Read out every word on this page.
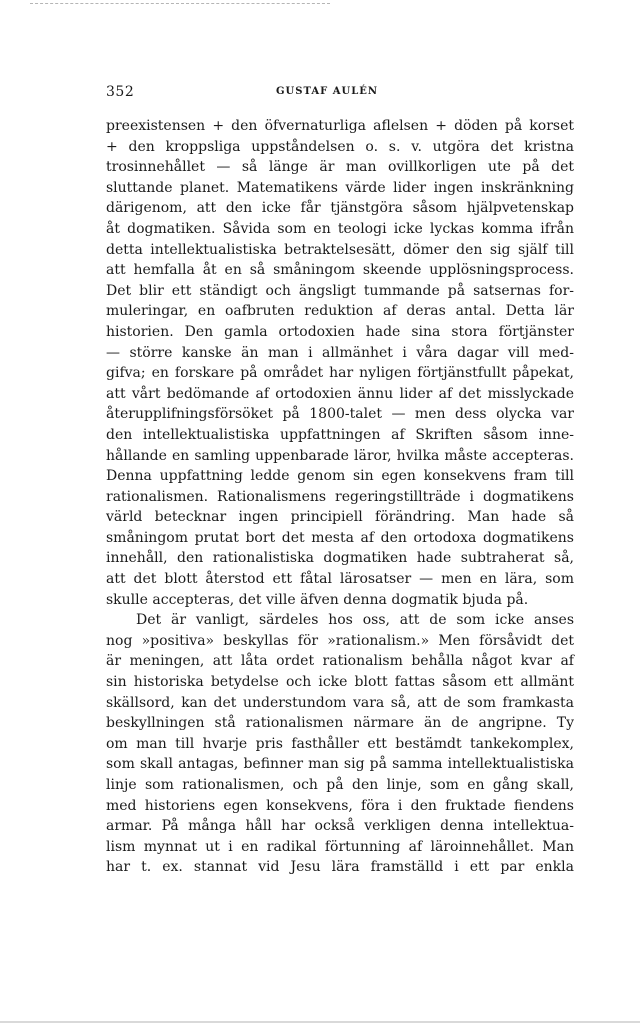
352	GUSTAF AULÉN
preexistensen + den öfvernaturliga aflelsen + döden på korset
+ den kroppsliga uppståndelsen o. s. v. utgöra det kristna
trosinnehållet — så länge är man ovillkorligen ute på det
sluttande planet. Matematikens värde lider ingen inskränkning
därigenom, att den icke får tjänstgöra såsom hjälpvetenskap
åt dogmatiken. Såvida som en teologi icke lyckas komma ifrån
detta intellektualistiska betraktelsesätt, dömer den sig själf till
att hemfalla åt en så småningom skeende upplösningsprocess.
Det blir ett ständigt och ängsligt tummande på satsernas for-
muleringar, en oafbruten reduktion af deras antal. Detta lär
historien. Den gamla ortodoxien hade sina stora förtjänster
— större kanske än man i allmänhet i våra dagar vill med-
gifva; en forskare på området har nyligen förtjänstfullt påpekat,
att vårt bedömande af ortodoxien ännu lider af det misslyckade
återupplifningsförsöket på 1800-talet — men dess olycka var
den intellektualistiska uppfattningen af Skriften såsom inne-
hållande en samling uppenbarade läror, hvilka måste accepteras.
Denna uppfattning ledde genom sin egen konsekvens fram till
rationalismen. Rationalismens regeringstillträde i dogmatikens
värld betecknar ingen principiell förändring. Man hade så
småningom prutat bort det mesta af den ortodoxa dogmatikens
innehåll, den rationalistiska dogmatiken hade subtraherat så,
att det blott återstod ett fåtal lärosatser — men en lära, som
skulle accepteras, det ville äfven denna dogmatik bjuda på.
Det är vanligt, särdeles hos oss, att de som icke anses
nog »positiva» beskyllas för »rationalism.» Men försåvidt det
är meningen, att låta ordet rationalism behålla något kvar af
sin historiska betydelse och icke blott fattas såsom ett allmänt
skällsord, kan det understundom vara så, att de som framkasta
beskyllningen stå rationalismen närmare än de angripne. Ty
om man till hvarje pris fasthåller ett bestämdt tankekomplex,
som skall antagas, befinner man sig på samma intellektualistiska
linje som rationalismen, och på den linje, som en gång skall,
med historiens egen konsekvens, föra i den fruktade fiendens
armar. På många håll har också verkligen denna intellektua-
lism mynnat ut i en radikal förtunning af läroinnehållet. Man
har t. ex. stannat vid Jesu lära framställd i ett par enkla
